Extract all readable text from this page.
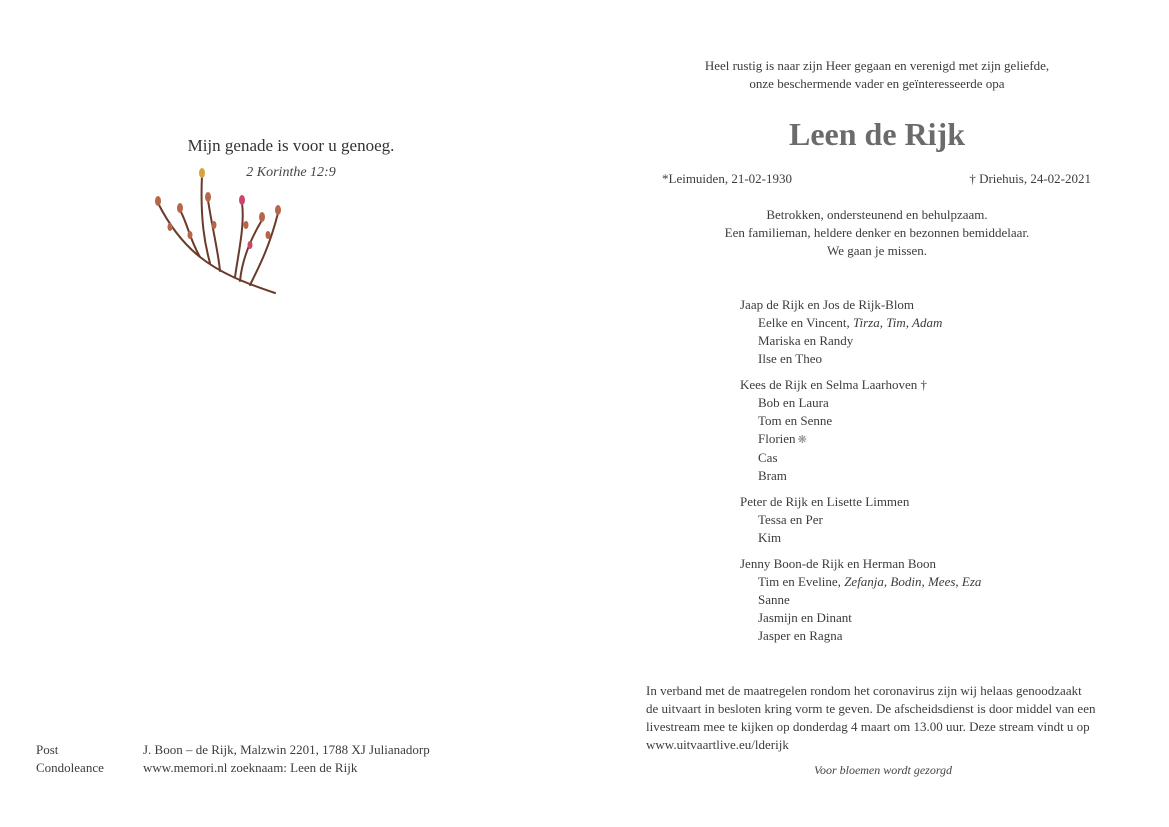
Mijn genade is voor u genoeg.
2 Korinthe 12:9
Heel rustig is naar zijn Heer gegaan en verenigd met zijn geliefde,
onze beschermende vader en geïnteresseerde opa
Leen de Rijk
*Leimuiden, 21-02-1930	† Driehuis, 24-02-2021
Betrokken, ondersteunend en behulpzaam.
Een familieman, heldere denker en bezonnen bemiddelaar.
We gaan je missen.
Jaap de Rijk en Jos de Rijk-Blom
Eelke en Vincent, Tirza, Tim, Adam
Mariska en Randy
Ilse en Theo
Kees de Rijk en Selma Laarhoven †
Bob en Laura
Tom en Senne
Florien ❋
Cas
Bram
Peter de Rijk en Lisette Limmen
Tessa en Per
Kim
Jenny Boon-de Rijk en Herman Boon
Tim en Eveline, Zefanja, Bodin, Mees, Eza
Sanne
Jasmijn en Dinant
Jasper en Ragna
In verband met de maatregelen rondom het coronavirus zijn wij helaas genoodzaakt
de uitvaart in besloten kring vorm te geven. De afscheidsdienst is door middel van een
livestream mee te kijken op donderdag 4 maart om 13.00 uur. Deze stream vindt u op
www.uitvaartlive.eu/lderijk
Voor bloemen wordt gezorgd
Post	J. Boon – de Rijk, Malzwin 2201, 1788 XJ Julianadorp
Condoleance	www.memori.nl zoeknaam: Leen de Rijk
